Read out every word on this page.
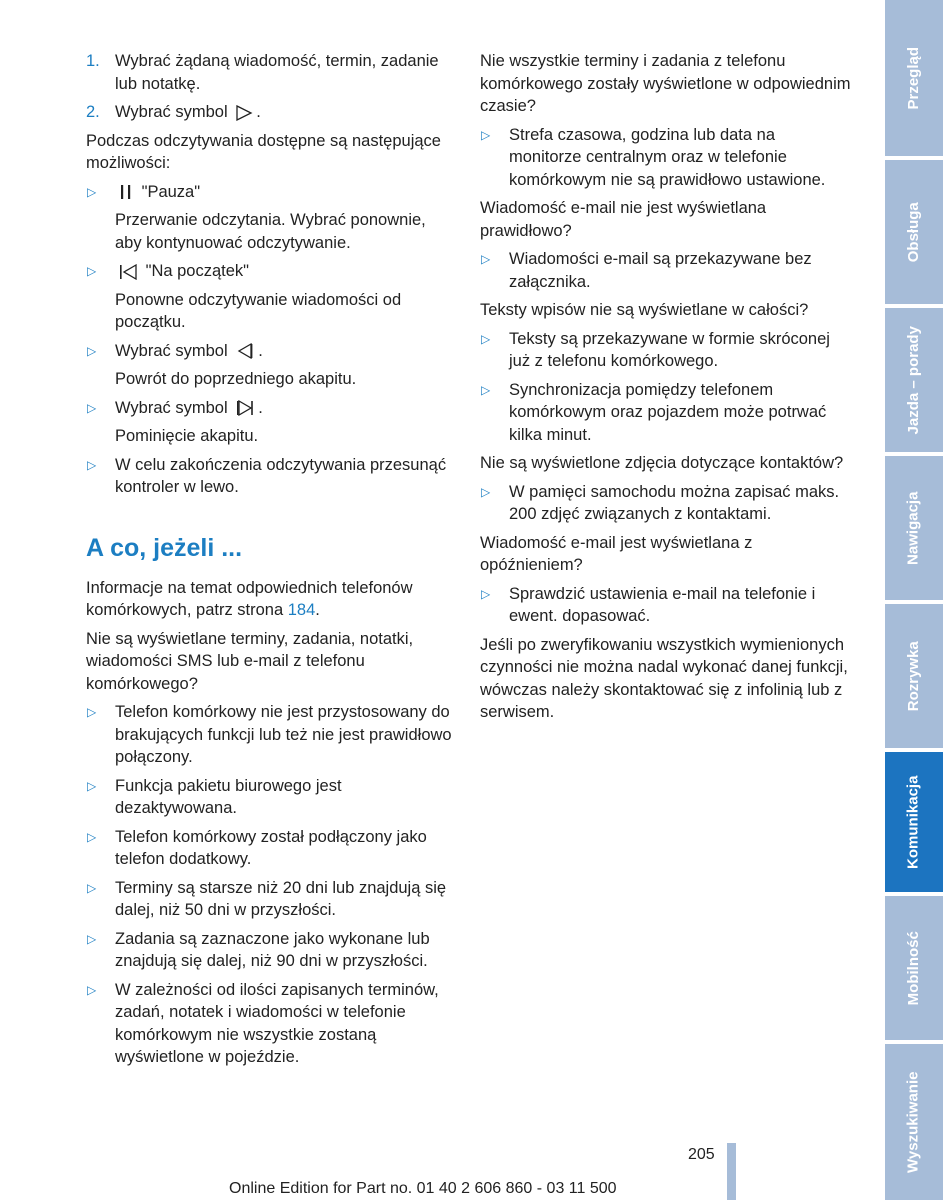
1. Wybrać żądaną wiadomość, termin, zadanie lub notatkę.
2. Wybrać symbol .

Podczas odczytywania dostępne są następujące możliwości:

▷	"Pauza"
Przerwanie odczytania. Wybrać ponownie, aby kontynuować odczytywanie.
▷	"Na początek"
Ponowne odczytywanie wiadomości od początku.
▷ Wybrać symbol .
Powrót do poprzedniego akapitu.
▷ Wybrać symbol .
Pominięcie akapitu.
▷ W celu zakończenia odczytywania przesunąć kontroler w lewo.
A co, jeżeli ...

Informacje na temat odpowiednich telefonów komórkowych, patrz strona 184.

Nie są wyświetlane terminy, zadania, notatki, wiadomości SMS lub e-mail z telefonu komórkowego?

▷ Telefon komórkowy nie jest przystosowany do brakujących funkcji lub też nie jest prawidłowo połączony.
▷ Funkcja pakietu biurowego jest dezaktywowana.
▷ Telefon komórkowy został podłączony jako telefon dodatkowy.
▷ Terminy są starsze niż 20 dni lub znajdują się dalej, niż 50 dni w przyszłości.
▷ Zadania są zaznaczone jako wykonane lub znajdują się dalej, niż 90 dni w przyszłości.
▷ W zależności od ilości zapisanych terminów, zadań, notatek i wiadomości w telefonie komórkowym nie wszystkie zostaną wyświetlone w pojeździe.

Nie wszystkie terminy i zadania z telefonu komórkowego zostały wyświetlone w odpowiednim czasie?

▷ Strefa czasowa, godzina lub data na monitorze centralnym oraz w telefonie komórkowym nie są prawidłowo ustawione.

Wiadomość e-mail nie jest wyświetlana prawidłowo?

▷ Wiadomości e-mail są przekazywane bez załącznika.

Teksty wpisów nie są wyświetlane w całości?

▷ Teksty są przekazywane w formie skróconej już z telefonu komórkowego.
▷ Synchronizacja pomiędzy telefonem komórkowym oraz pojazdem może potrwać kilka minut.

Nie są wyświetlone zdjęcia dotyczące kontaktów?

▷ W pamięci samochodu można zapisać maks. 200 zdjęć związanych z kontaktami.

Wiadomość e-mail jest wyświetlana z opóźnieniem?

▷ Sprawdzić ustawienia e-mail na telefonie i ewent. dopasować.

Jeśli po zweryfikowaniu wszystkich wymienionych czynności nie można nadal wykonać danej funkcji, wówczas należy skontaktować się z infolinią lub z serwisem.

Przegląd
Obsługa
Jazda – porady
Nawigacja
Rozrywka
Komunikacja
Mobilność
Wyszukiwanie
205
Online Edition for Part no. 01 40 2 606 860 - 03 11 500
